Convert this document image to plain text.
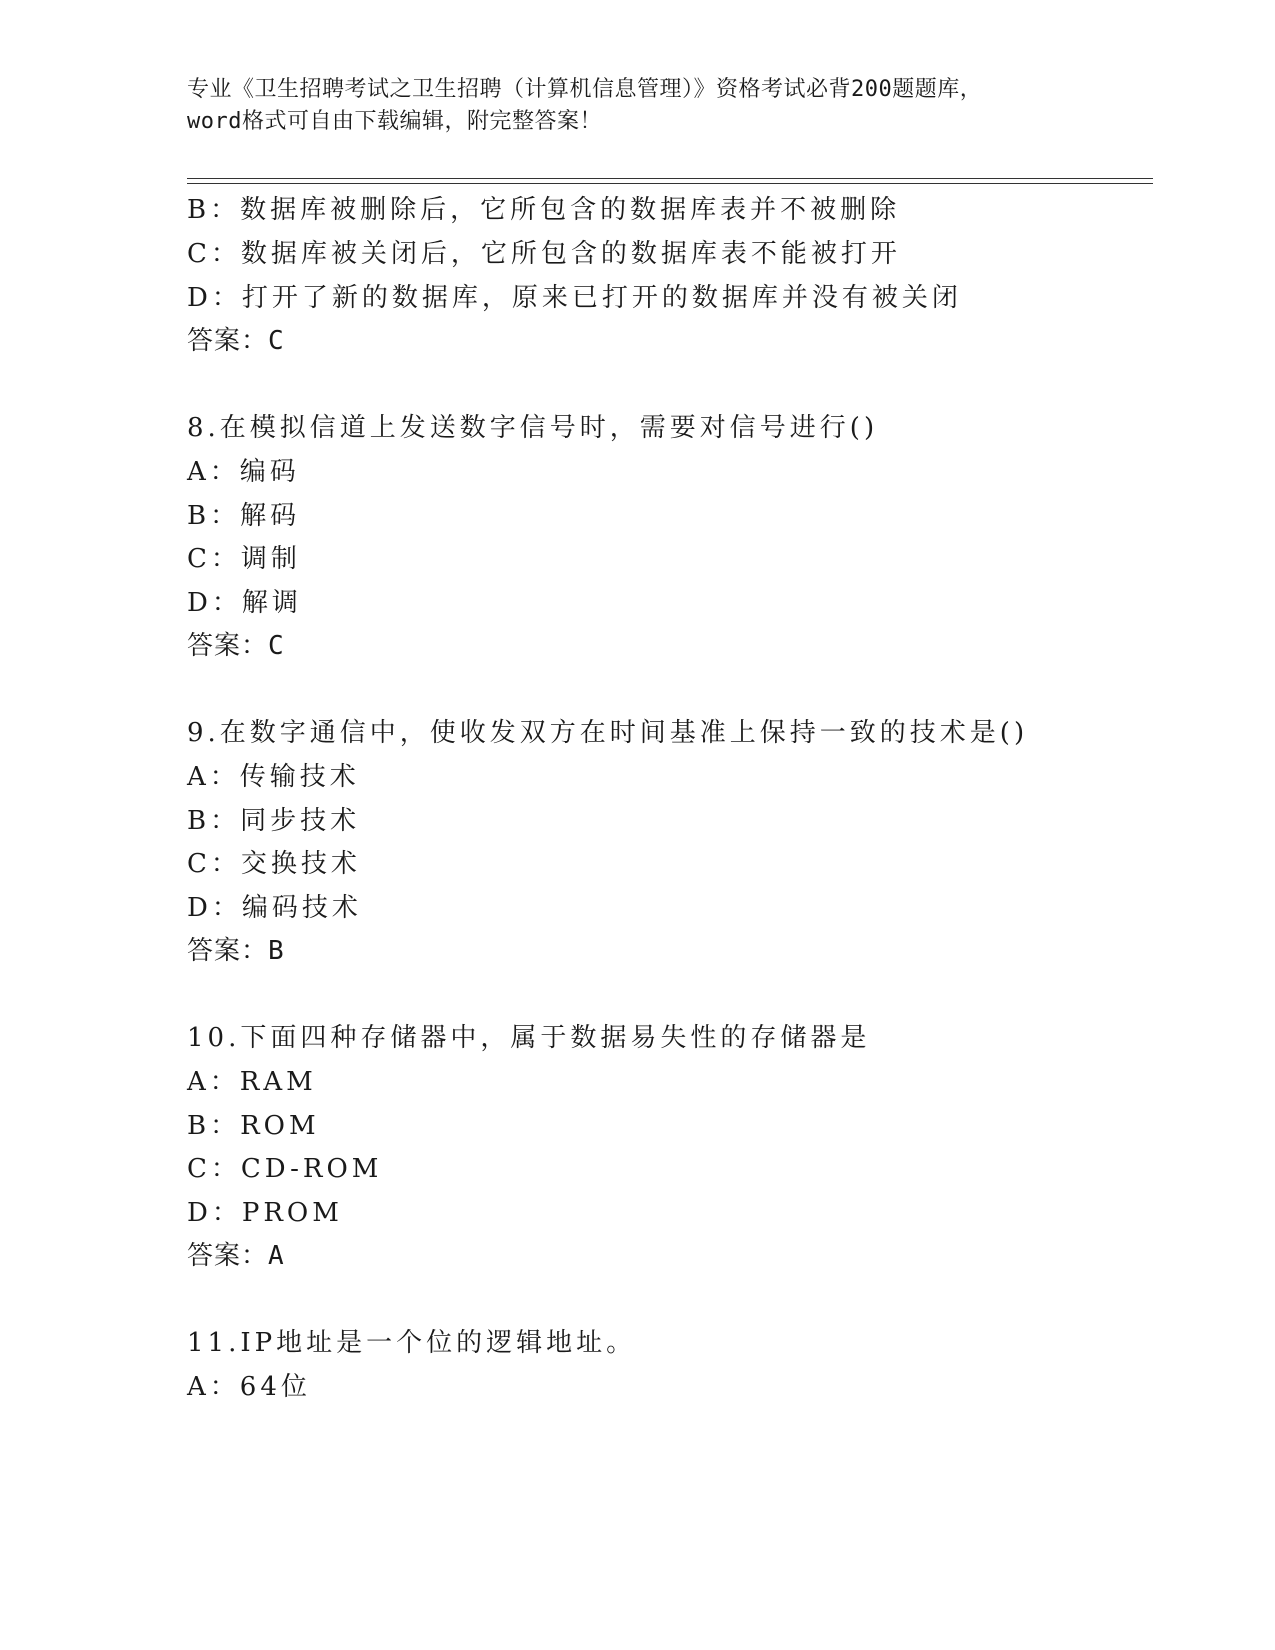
专业《卫生招聘考试之卫生招聘（计算机信息管理）》资格考试必背200题题库，
word格式可自由下载编辑，附完整答案！
B：数据库被删除后，它所包含的数据库表并不被删除
C：数据库被关闭后，它所包含的数据库表不能被打开
D：打开了新的数据库，原来已打开的数据库并没有被关闭
答案：C
8.在模拟信道上发送数字信号时，需要对信号进行()
A：编码
B：解码
C：调制
D：解调
答案：C
9.在数字通信中，使收发双方在时间基准上保持一致的技术是()
A：传输技术
B：同步技术
C：交换技术
D：编码技术
答案：B
10.下面四种存储器中，属于数据易失性的存储器是
A：RAM
B：ROM
C：CD-ROM
D：PROM
答案：A
11.IP地址是一个位的逻辑地址。
A：64位
